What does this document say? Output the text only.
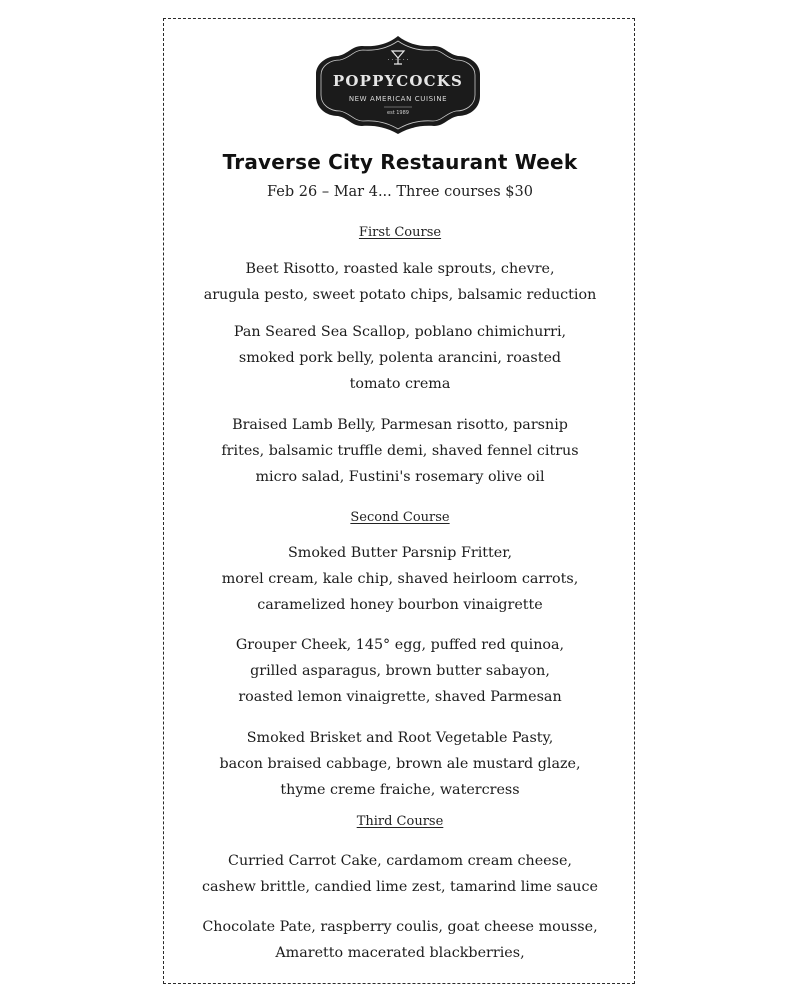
· · · · · ·
POPPYCOCKS
NEW AMERICAN CUISINE
est 1989
Traverse City Restaurant Week
Feb 26 – Mar 4... Three courses $30
First Course
Beet Risotto, roasted kale sprouts, chevre,
arugula pesto, sweet potato chips, balsamic reduction
Pan Seared Sea Scallop, poblano chimichurri,
smoked pork belly, polenta arancini, roasted
tomato crema
Braised Lamb Belly, Parmesan risotto, parsnip
frites, balsamic truffle demi, shaved fennel citrus
micro salad, Fustini's rosemary olive oil
Second Course
Smoked Butter Parsnip Fritter,
morel cream, kale chip, shaved heirloom carrots,
caramelized honey bourbon vinaigrette
Grouper Cheek, 145° egg, puffed red quinoa,
grilled asparagus, brown butter sabayon,
roasted lemon vinaigrette, shaved Parmesan
Smoked Brisket and Root Vegetable Pasty,
bacon braised cabbage, brown ale mustard glaze,
thyme creme fraiche, watercress
Third Course
Curried Carrot Cake, cardamom cream cheese,
cashew brittle, candied lime zest, tamarind lime sauce
Chocolate Pate, raspberry coulis, goat cheese mousse,
Amaretto macerated blackberries,
